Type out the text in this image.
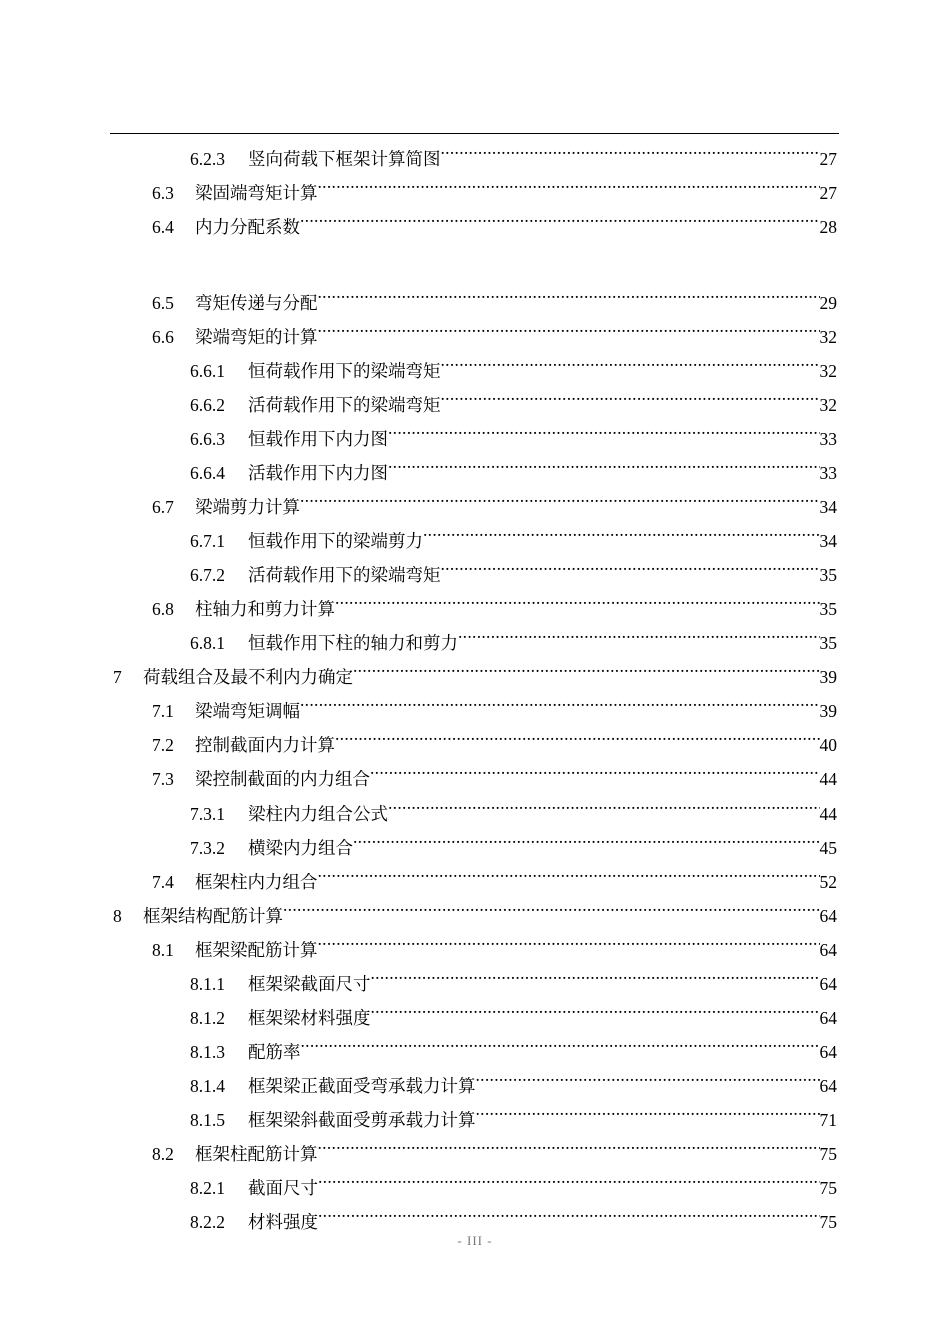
6.2.3	竖向荷载下框架计算简图 .....	27
6.3	梁固端弯矩计算 .....	27
6.4	内力分配系数 .....	28
6.5	弯矩传递与分配 .....	29
6.6	梁端弯矩的计算 .....	32
6.6.1	恒荷载作用下的梁端弯矩 .....	32
6.6.2	活荷载作用下的梁端弯矩 .....	32
6.6.3	恒载作用下内力图 .....	33
6.6.4	活载作用下内力图 .....	33
6.7	梁端剪力计算 .....	34
6.7.1	恒载作用下的梁端剪力 .....	34
6.7.2	活荷载作用下的梁端弯矩 .....	35
6.8	柱轴力和剪力计算 .....	35
6.8.1	恒载作用下柱的轴力和剪力 .....	35
7	荷载组合及最不利内力确定 .....	39
7.1	梁端弯矩调幅 .....	39
7.2	控制截面内力计算 .....	40
7.3	梁控制截面的内力组合 .....	44
7.3.1	梁柱内力组合公式 .....	44
7.3.2	横梁内力组合 .....	45
7.4	框架柱内力组合 .....	52
8	框架结构配筋计算 .....	64
8.1	框架梁配筋计算 .....	64
8.1.1	框架梁截面尺寸 .....	64
8.1.2	框架梁材料强度 .....	64
8.1.3	配筋率 .....	64
8.1.4	框架梁正截面受弯承载力计算 .....	64
8.1.5	框架梁斜截面受剪承载力计算 .....	71
8.2	框架柱配筋计算 .....	75
8.2.1	截面尺寸 .....	75
8.2.2	材料强度 .....	75
- III -
